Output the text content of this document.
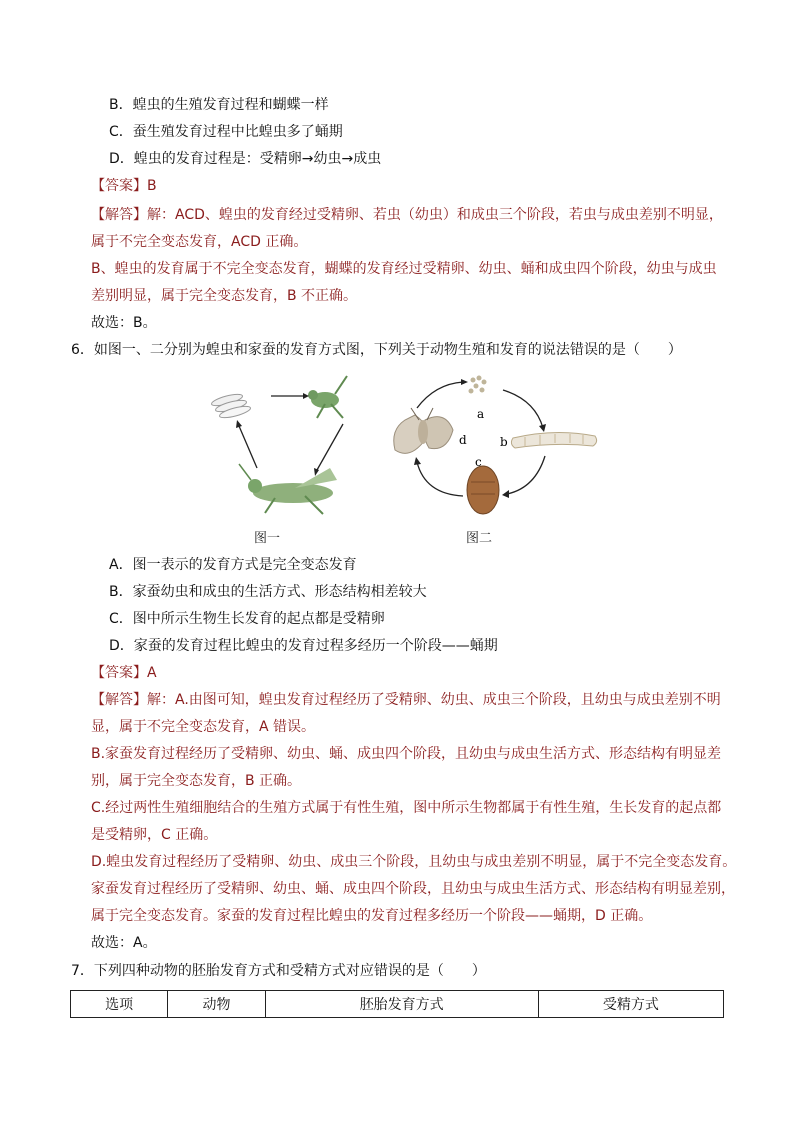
B．蝗虫的生殖发育过程和蝴蝶一样
C．蚕生殖发育过程中比蝗虫多了蛹期
D．蝗虫的发育过程是：受精卵→幼虫→成虫
【答案】B
【解答】解：ACD、蝗虫的发育经过受精卵、若虫（幼虫）和成虫三个阶段，若虫与成虫差别不明显，
属于不完全变态发育，ACD 正确。
B、蝗虫的发育属于不完全变态发育，蝴蝶的发育经过受精卵、幼虫、蛹和成虫四个阶段，幼虫与成虫
差别明显，属于完全变态发育，B 不正确。
故选：B。
6．如图一、二分别为蝗虫和家蚕的发育方式图，下列关于动物生殖和发育的说法错误的是（　　）
图一
a
b
c
d
图二
A．图一表示的发育方式是完全变态发育
B．家蚕幼虫和成虫的生活方式、形态结构相差较大
C．图中所示生物生长发育的起点都是受精卵
D．家蚕的发育过程比蝗虫的发育过程多经历一个阶段——蛹期
【答案】A
【解答】解：A.由图可知，蝗虫发育过程经历了受精卵、幼虫、成虫三个阶段，且幼虫与成虫差别不明
显，属于不完全变态发育，A 错误。
B.家蚕发育过程经历了受精卵、幼虫、蛹、成虫四个阶段，且幼虫与成虫生活方式、形态结构有明显差
别，属于完全变态发育，B 正确。
C.经过两性生殖细胞结合的生殖方式属于有性生殖，图中所示生物都属于有性生殖，生长发育的起点都
是受精卵，C 正确。
D.蝗虫发育过程经历了受精卵、幼虫、成虫三个阶段，且幼虫与成虫差别不明显，属于不完全变态发育。
家蚕发育过程经历了受精卵、幼虫、蛹、成虫四个阶段，且幼虫与成虫生活方式、形态结构有明显差别，
属于完全变态发育。家蚕的发育过程比蝗虫的发育过程多经历一个阶段——蛹期，D 正确。
故选：A。
7．下列四种动物的胚胎发育方式和受精方式对应错误的是（　　）
选项	动物	胚胎发育方式	受精方式
